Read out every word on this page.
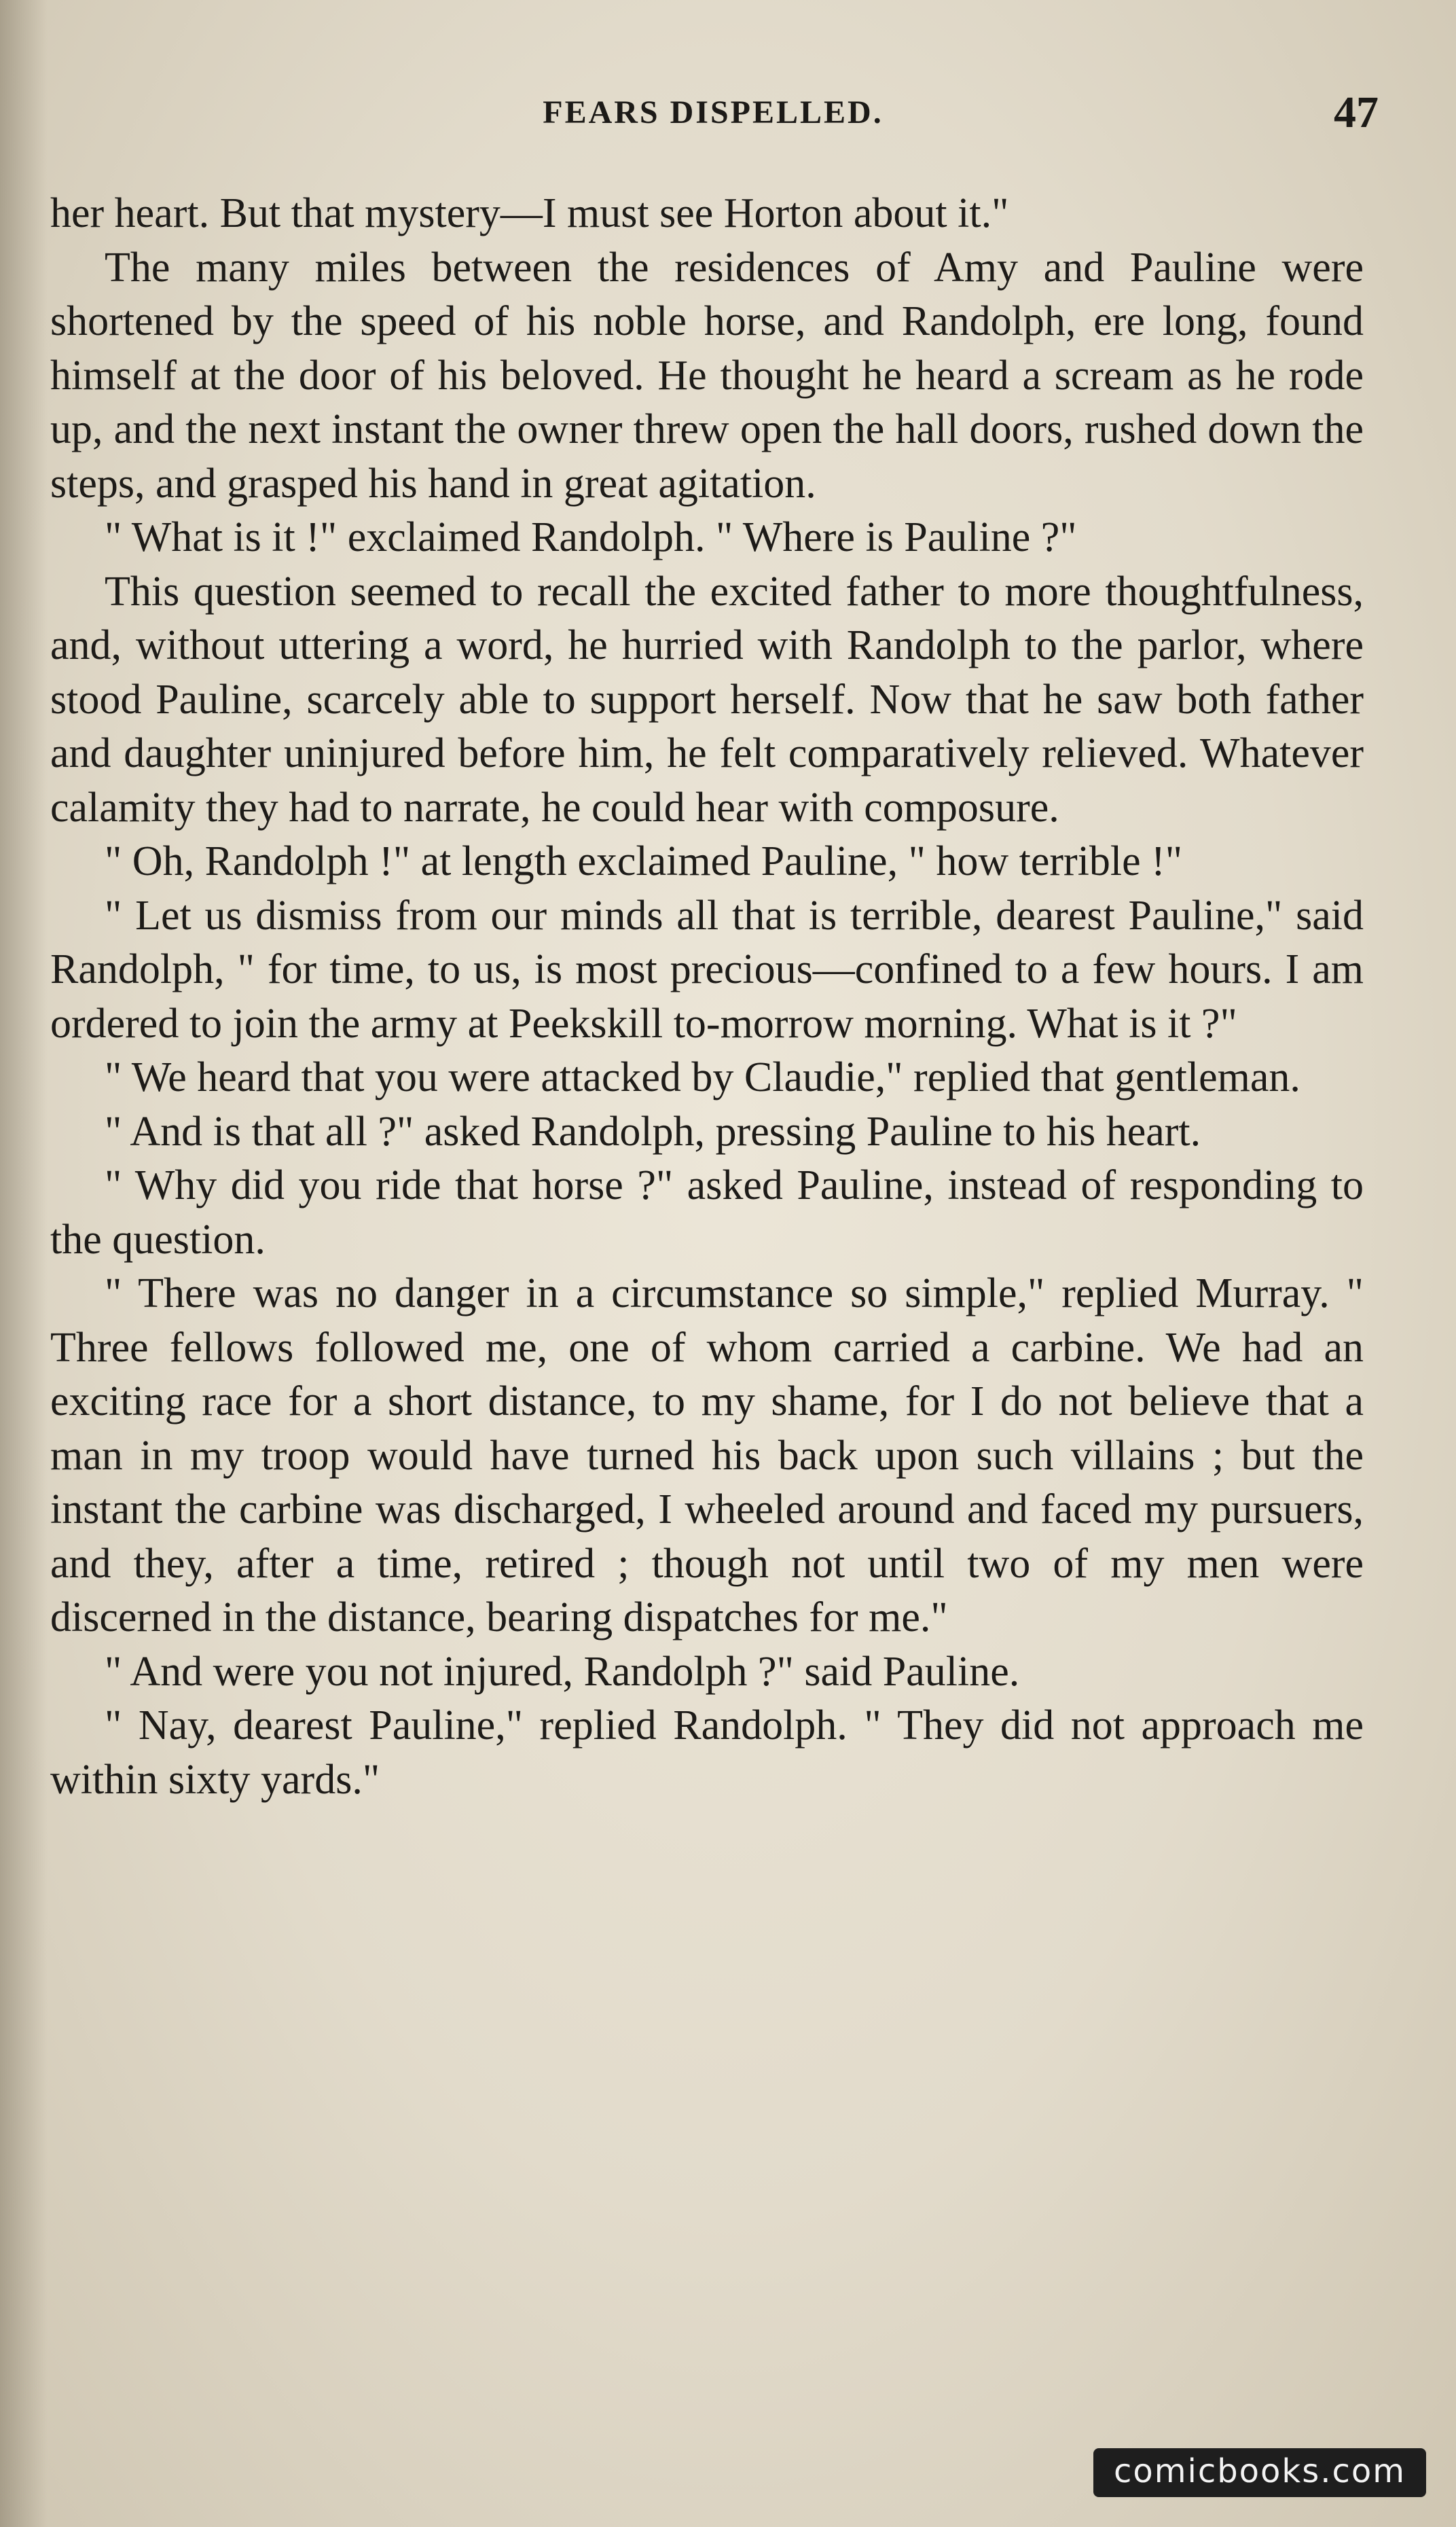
FEARS DISPELLED.	47

her heart. But that mystery—I must see Horton about it."

The many miles between the residences of Amy and Pauline were shortened by the speed of his noble horse, and Randolph, ere long, found himself at the door of his beloved. He thought he heard a scream as he rode up, and the next instant the owner threw open the hall doors, rushed down the steps, and grasped his hand in great agitation.

" What is it !" exclaimed Randolph. " Where is Pauline ?"

This question seemed to recall the excited father to more thoughtfulness, and, without uttering a word, he hurried with Randolph to the parlor, where stood Pauline, scarcely able to support herself. Now that he saw both father and daughter uninjured before him, he felt comparatively relieved. Whatever calamity they had to narrate, he could hear with composure.

" Oh, Randolph !" at length exclaimed Pauline, " how terrible !"

" Let us dismiss from our minds all that is terrible, dearest Pauline," said Randolph, " for time, to us, is most precious—confined to a few hours. I am ordered to join the army at Peekskill to-morrow morning. What is it ?"

" We heard that you were attacked by Claudie," replied that gentleman.

" And is that all ?" asked Randolph, pressing Pauline to his heart.

" Why did you ride that horse ?" asked Pauline, instead of responding to the question.

" There was no danger in a circumstance so simple," replied Murray. " Three fellows followed me, one of whom carried a carbine. We had an exciting race for a short distance, to my shame, for I do not believe that a man in my troop would have turned his back upon such villains ; but the instant the carbine was discharged, I wheeled around and faced my pursuers, and they, after a time, retired ; though not until two of my men were discerned in the distance, bearing dispatches for me."

" And were you not injured, Randolph ?" said Pauline.

" Nay, dearest Pauline," replied Randolph. " They did not approach me within sixty yards."

comicbooks.com
